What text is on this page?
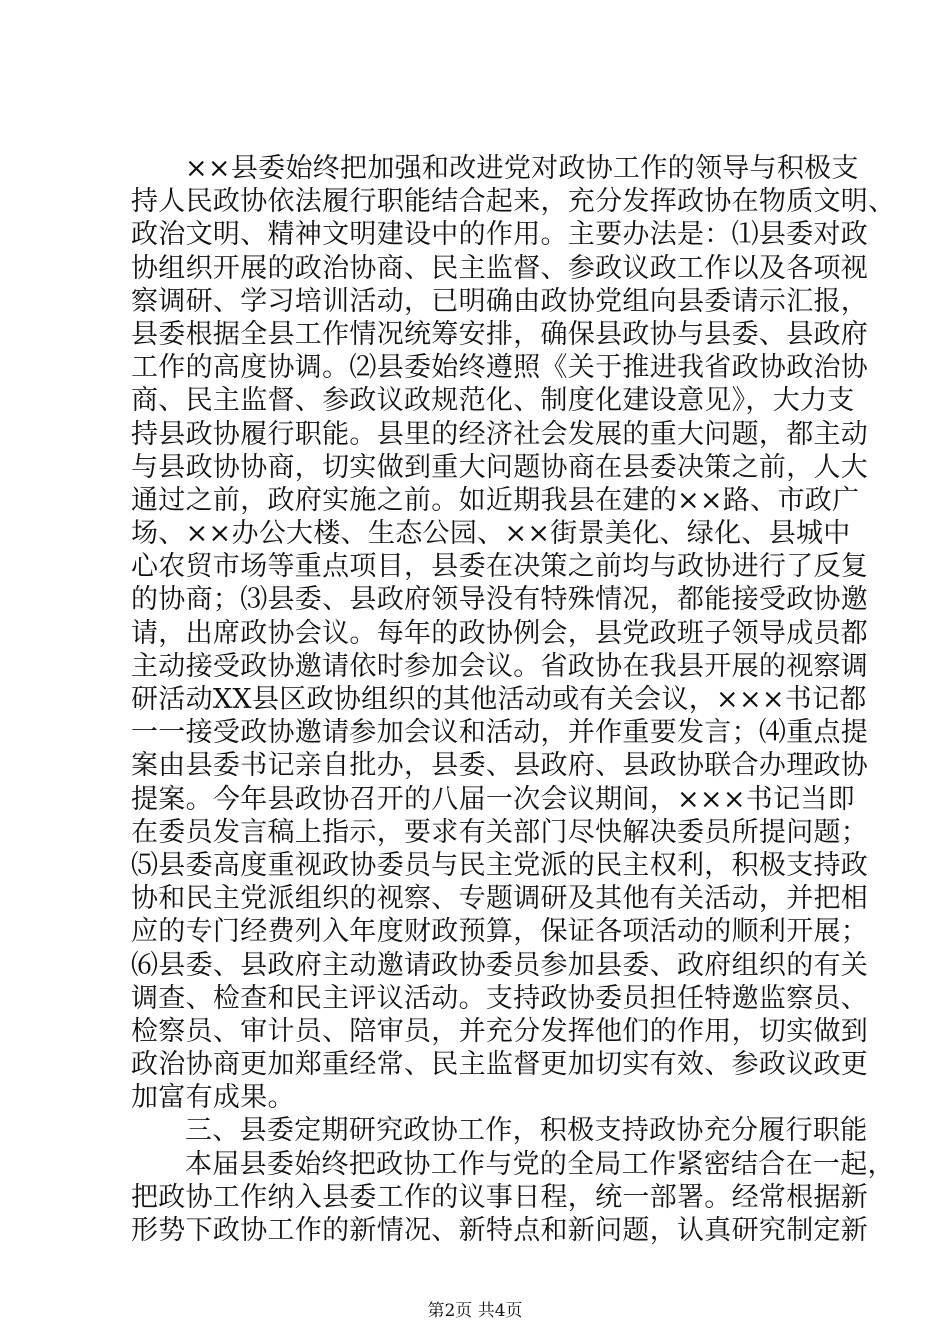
××县委始终把加强和改进党对政协工作的领导与积极支
持人民政协依法履行职能结合起来，充分发挥政协在物质文明、
政治文明、精神文明建设中的作用。主要办法是：⑴县委对政
协组织开展的政治协商、民主监督、参政议政工作以及各项视
察调研、学习培训活动，已明确由政协党组向县委请示汇报，
县委根据全县工作情况统筹安排，确保县政协与县委、县政府
工作的高度协调。⑵县委始终遵照《关于推进我省政协政治协
商、民主监督、参政议政规范化、制度化建设意见》，大力支
持县政协履行职能。县里的经济社会发展的重大问题，都主动
与县政协协商，切实做到重大问题协商在县委决策之前，人大
通过之前，政府实施之前。如近期我县在建的××路、市政广
场、××办公大楼、生态公园、××街景美化、绿化、县城中
心农贸市场等重点项目，县委在决策之前均与政协进行了反复
的协商；⑶县委、县政府领导没有特殊情况，都能接受政协邀
请，出席政协会议。每年的政协例会，县党政班子领导成员都
主动接受政协邀请依时参加会议。省政协在我县开展的视察调
研活动XX县区政协组织的其他活动或有关会议，×××书记都
一一接受政协邀请参加会议和活动，并作重要发言；⑷重点提
案由县委书记亲自批办，县委、县政府、县政协联合办理政协
提案。今年县政协召开的八届一次会议期间，×××书记当即
在委员发言稿上指示，要求有关部门尽快解决委员所提问题；
⑸县委高度重视政协委员与民主党派的民主权利，积极支持政
协和民主党派组织的视察、专题调研及其他有关活动，并把相
应的专门经费列入年度财政预算，保证各项活动的顺利开展；
⑹县委、县政府主动邀请政协委员参加县委、政府组织的有关
调查、检查和民主评议活动。支持政协委员担任特邀监察员、
检察员、审计员、陪审员，并充分发挥他们的作用，切实做到
政治协商更加郑重经常、民主监督更加切实有效、参政议政更
加富有成果。
三、县委定期研究政协工作，积极支持政协充分履行职能
本届县委始终把政协工作与党的全局工作紧密结合在一起，
把政协工作纳入县委工作的议事日程，统一部署。经常根据新
形势下政协工作的新情况、新特点和新问题，认真研究制定新
第2页 共4页
